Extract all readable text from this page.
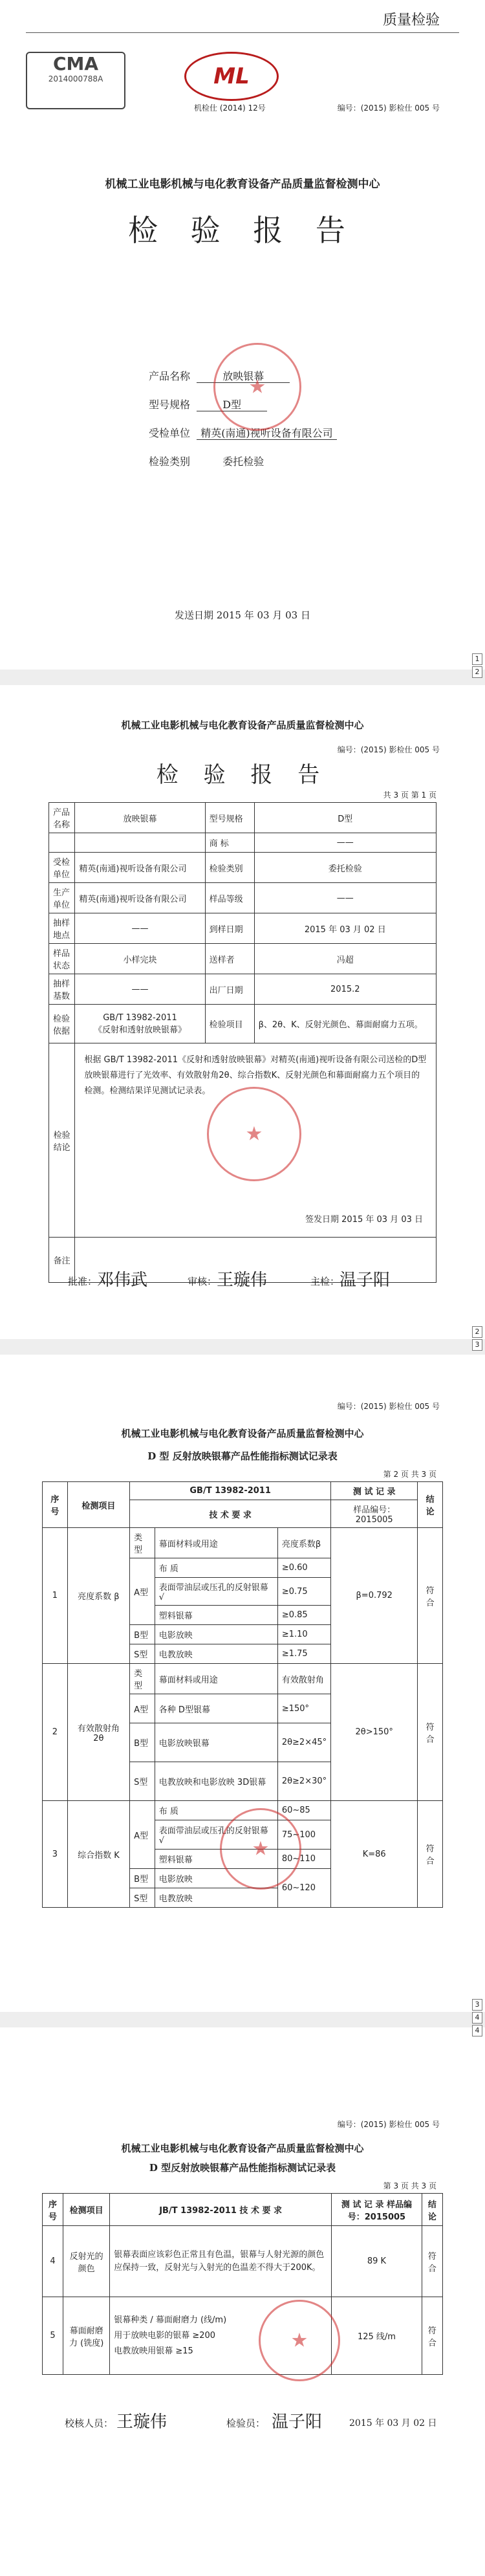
质量检验
CMA
2014000788A	ML
机检仕 (2014) 12号	编号：(2015) 影检仕 005 号
机械工业电影机械与电化教育设备产品质量监督检测中心
检 验 报 告
产品名称	放映银幕
型号规格	D型
受检单位 精英(南通)视听设备有限公司
检验类别	委托检验
★
发送日期 2015 年 03 月 03 日
机械工业电影机械与电化教育设备产品质量监督检测中心
编号：(2015) 影检仕 005 号
检 验 报 告
共 3 页 第 1 页
产品名称	放映银幕	型号规格	D型
		商 标	——
受检单位	精英(南通)视听设备有限公司	检验类别	委托检验
生产单位	精英(南通)视听设备有限公司	样品等级	——
抽样地点	——	到样日期	2015 年 03 月 02 日
样品状态	小样完块	送样者	冯超
抽样基数	——	出厂日期	2015.2
检验依据	GB/T 13982-2011
《反射和透射放映银幕》	检验项目	β、2θ、K、反射光颜色、幕面耐腐力五项。
检验结论	根据 GB/T 13982-2011《反射和透射放映银幕》对精英(南通)视听设备有限公司送检的D型放映银幕进行了光效率、有效散射角2θ、综合指数K、反射光颜色和幕面耐腐力五个项目的检测。检测结果详见测试记录表。
签发日期 2015 年 03 月 03 日		

备注			
★
批准： 邓伟武	审核： 王璇伟	主检： 温子阳
编号：(2015) 影检仕 005 号
机械工业电影机械与电化教育设备产品质量监督检测中心
D 型 反射放映银幕产品性能指标测试记录表
第 2 页 共 3 页
序号	检测项目	GB/T 13982-2011			测 试 记 录	结论
		技 术 要 求			样品编号：2015005	
1	亮度系数 β	类型	幕面材料或用途	亮度系数β	β=0.792	符合
		A型	布 质	≥0.60		
			表面带油层或压孔的反射银幕 √	≥0.75		
			塑料银幕	≥0.85		
		B型	电影放映	≥1.10		
		S型	电教放映	≥1.75		
2	有效散射角 2θ	类型	幕面材料或用途	有效散射角	2θ>150°	符合
		A型	各种 D型银幕	≥150°		
		B型	电影放映银幕	2θ≥2×45°		
		S型	电教放映和电影放映 3D银幕	2θ≥2×30°		
3	综合指数 K	A型	布 质	60~85	K=86	符合
			表面带油层或压孔的反射银幕 √	75~100		
			塑料银幕	80~110		
		B型	电影放映	60~120		
		S型	电教放映			
★
编号：(2015) 影检仕 005 号
机械工业电影机械与电化教育设备产品质量监督检测中心
D 型反射放映银幕产品性能指标测试记录表
第 3 页 共 3 页
序号	检测项目	JB/T 13982-2011 技 术 要 求	测 试 记 录 样品编号：2015005	结论
4	反射光的颜色	银幕表面应该彩色正常且有色温，银幕与人射光源的颜色应保持一致，反射光与入射光的色温差不得大于200K。	89 K	符合
5	幕面耐磨力 (铣度)	银幕种类 / 幕面耐磨力 (线/m)
用于放映电影的银幕 ≥200
电教放映用银幕 ≥15	125 线/m	符合
★
校核人员： 王璇伟	检验员： 温子阳	2015 年 03 月 02 日
1
2
2
3
3
4
4
